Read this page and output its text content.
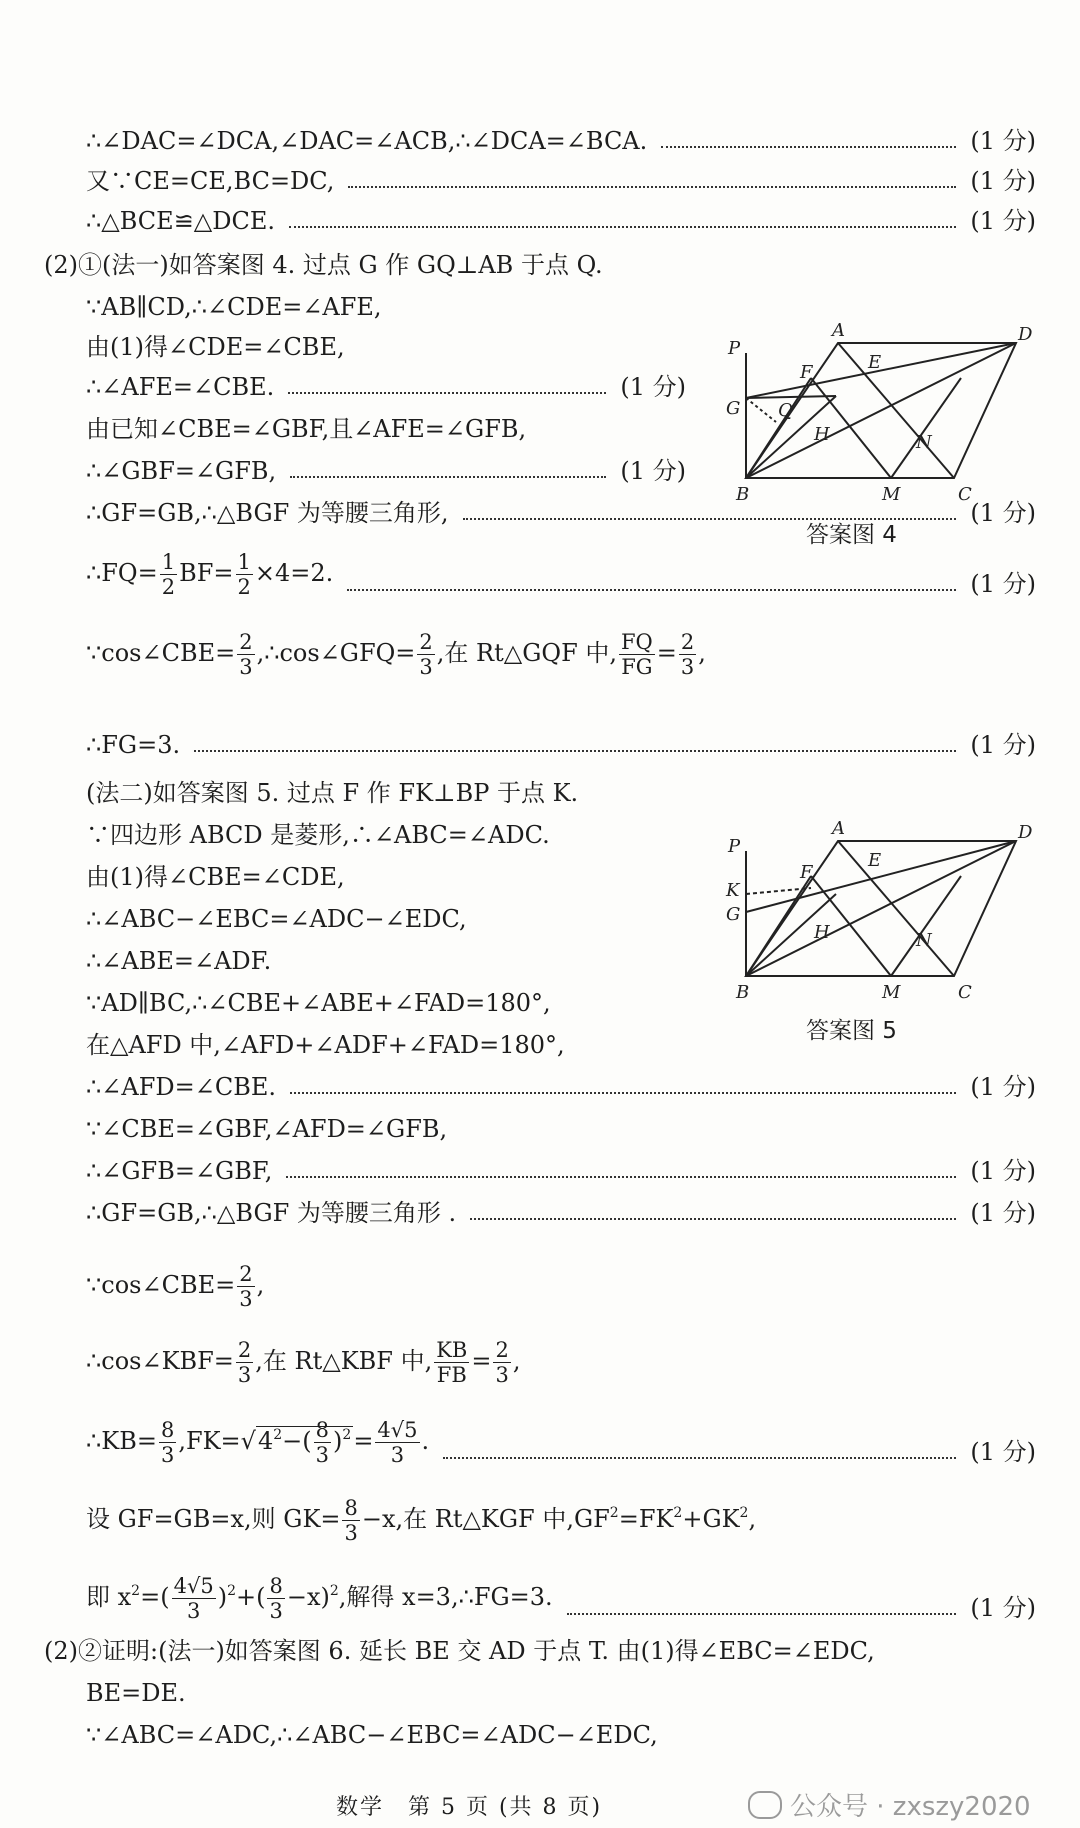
∴∠DAC=∠DCA,∠DAC=∠ACB,∴∠DCA=∠BCA.	(1 分)
又∵CE=CE,BC=DC,	(1 分)
∴△BCE≌△DCE.	(1 分)
(2)①(法一)如答案图 4. 过点 G 作 GQ⊥AB 于点 Q.
∵AB∥CD,∴∠CDE=∠AFE,
由(1)得∠CDE=∠CBE,
∴∠AFE=∠CBE.	(1 分)
由已知∠CBE=∠GBF,且∠AFE=∠GFB,
∴∠GBF=∠GFB,	(1 分)
∴GF=GB,∴△BGF 为等腰三角形,	(1 分)
∴FQ= $\frac{1}{2} BF= \frac{1}{2} \times 4=2$.	(1 分)
∵cos∠CBE= $\frac{2}{3}$ ,∴cos∠GFQ= $\frac{2}{3}$ ,在 Rt△GQF 中, $\frac{FQ}{FG} = \frac{2}{3}$ ,
∴FG=3.	(1 分)
(法二)如答案图 5. 过点 F 作 FK⊥BP 于点 K.
∵四边形 ABCD 是菱形,∴∠ABC=∠ADC.
由(1)得∠CBE=∠CDE,
∴∠ABC−∠EBC=∠ADC−∠EDC,
∴∠ABE=∠ADF.
∵AD∥BC,∴∠CBE+∠ABE+∠FAD=180°,
在△AFD 中,∠AFD+∠ADF+∠FAD=180°,
∴∠AFD=∠CBE.	(1 分)
∵∠CBE=∠GBF,∠AFD=∠GFB,
∴∠GFB=∠GBF,	(1 分)
∴GF=GB,∴△BGF 为等腰三角形 .	(1 分)
∵cos∠CBE= $\frac{2}{3}$ ,
∴cos∠KBF= $\frac{2}{3}$ ,在 Rt△KBF 中, $\frac{KB}{FB} = \frac{2}{3}$ ,
∴KB= $\frac{8}{3} ,FK=√4^2-( \frac{8}{3} )^2= \frac{4√5}{3}$ .	(1 分)
设 GF=GB=x,则 $GK= \frac{8}{3} -x$,在 Rt△KGF 中$,GF^2=FK^2+GK^2$,
即 $x^2=( \frac{4√5}{3} )^2+( \frac{8}{3} -x)^2$,解得 x=3,∴FG=3.	(1 分)
(2)②证明:(法一)如答案图 6. 延长 BE 交 AD 于点 T. 由(1)得∠EBC=∠EDC,
BE=DE.
∵∠ABC=∠ADC,∴∠ABC−∠EBC=∠ADC−∠EDC,
P
A	D
F	E
G Q
H	N
B	M	C
答案图 4
P
A	D
F
E
K
G
H	N
B	M	C
答案图 5
数学　第 5 页 (共 8 页)	公众号 · zxszy2020
